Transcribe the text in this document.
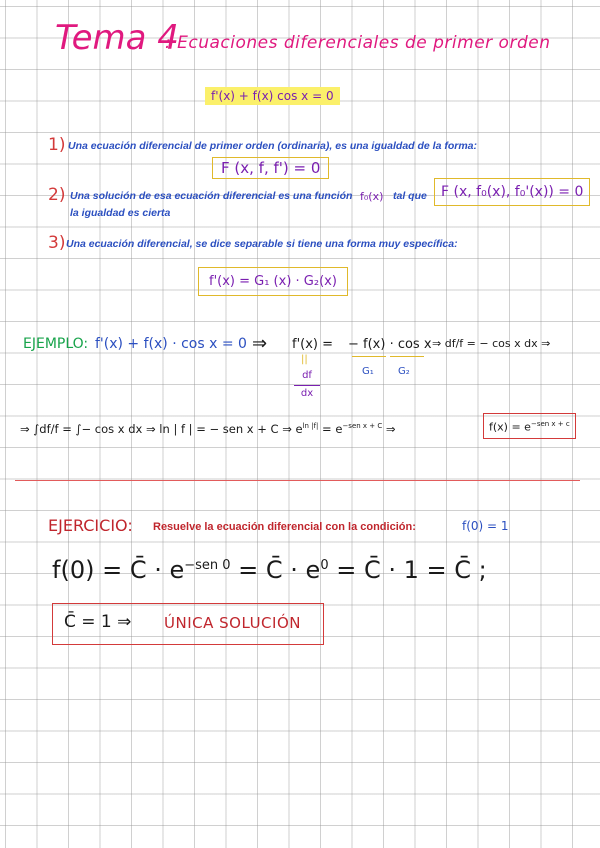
Tema 4
: Ecuaciones diferenciales de primer orden
f'(x) + f(x) cos x = 0
1) Una ecuación diferencial de primer orden (ordinaria), es una igualdad de la forma:
F (x, f, f') = 0
2) Una solución de esa ecuación diferencial es una función f₀(x) tal que
la igualdad es cierta
F (x, f₀(x), f₀'(x)) = 0
3) Una ecuación diferencial, se dice separable si tiene una forma muy específica:
f'(x) = G₁ (x) · G₂(x)
EJEMPLO: f'(x) + f(x) · cos x = 0 ⇒ f'(x) = − f(x) · cos x ⇒ df/f = − cos x dx ⇒
||
df
dx
G₁ G₂
⇒ ∫df/f = ∫− cos x dx ⇒ ln | f | = − sen x + C ⇒ $e^{ln |f|} = e^{-sen x + C}$ ⇒	$f(x) = e^{-sen x + c}$
EJERCICIO: Resuelve la ecuación diferencial con la condición:	f(0) = 1
f(0) = C̄ · $e^{-sen 0}$ = C̄ · $e^0$ = C̄ · 1 = C̄ ;
C̄ = 1 ⇒ ÚNICA SOLUCIÓN
